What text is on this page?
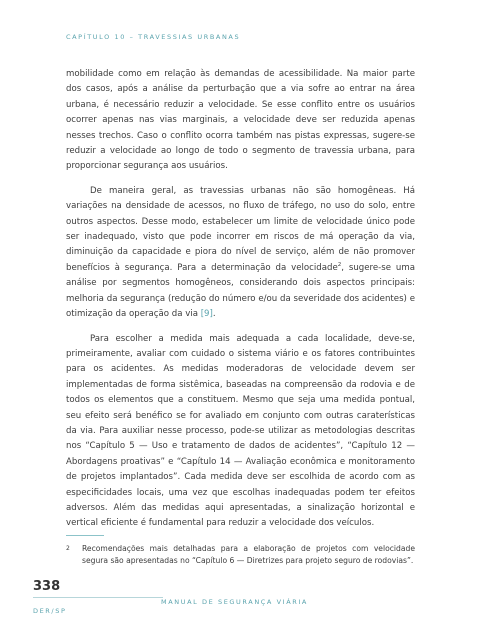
CAPÍTULO 10 – TRAVESSIAS URBANAS

mobilidade como em relação às demandas de acessibilidade. Na maior parte dos casos, após a análise da perturbação que a via sofre ao entrar na área urbana, é necessário reduzir a velocidade. Se esse conflito entre os usuários ocorrer apenas nas vias marginais, a velocidade deve ser reduzida apenas nesses trechos. Caso o conflito ocorra também nas pistas expressas, sugere-se reduzir a velocidade ao longo de todo o segmento de travessia urbana, para proporcionar segurança aos usuários.

De maneira geral, as travessias urbanas não são homogêneas. Há variações na densidade de acessos, no fluxo de tráfego, no uso do solo, entre outros aspectos. Desse modo, estabelecer um limite de velocidade único pode ser inadequado, visto que pode incorrer em riscos de má operação da via, diminuição da capacidade e piora do nível de serviço, além de não promover benefícios à segurança. Para a determinação da velocidade$^2$, sugere-se uma análise por segmentos homogêneos, considerando dois aspectos principais: melhoria da segurança (redução do número e/ou da severidade dos acidentes) e otimização da operação da via [9].

Para escolher a medida mais adequada a cada localidade, deve-se, primeiramente, avaliar com cuidado o sistema viário e os fatores contribuintes para os acidentes. As medidas moderadoras de velocidade devem ser implementadas de forma sistêmica, baseadas na compreensão da rodovia e de todos os elementos que a constituem. Mesmo que seja uma medida pontual, seu efeito será benéfico se for avaliado em conjunto com outras caraterísticas da via. Para auxiliar nesse processo, pode-se utilizar as metodologias descritas nos “Capítulo 5 — Uso e tratamento de dados de acidentes”, “Capítulo 12 — Abordagens proativas” e “Capítulo 14 — Avaliação econômica e monitoramento de projetos implantados”. Cada medida deve ser escolhida de acordo com as especificidades locais, uma vez que escolhas inadequadas podem ter efeitos adversos. Além das medidas aqui apresentadas, a sinalização horizontal e vertical eficiente é fundamental para reduzir a velocidade dos veículos.

2 Recomendações mais detalhadas para a elaboração de projetos com velocidade segura são apresentadas no “Capítulo 6 — Diretrizes para projeto seguro de rodovias”.
338
MANUAL DE SEGURANÇA VIÁRIA
DER/SP
